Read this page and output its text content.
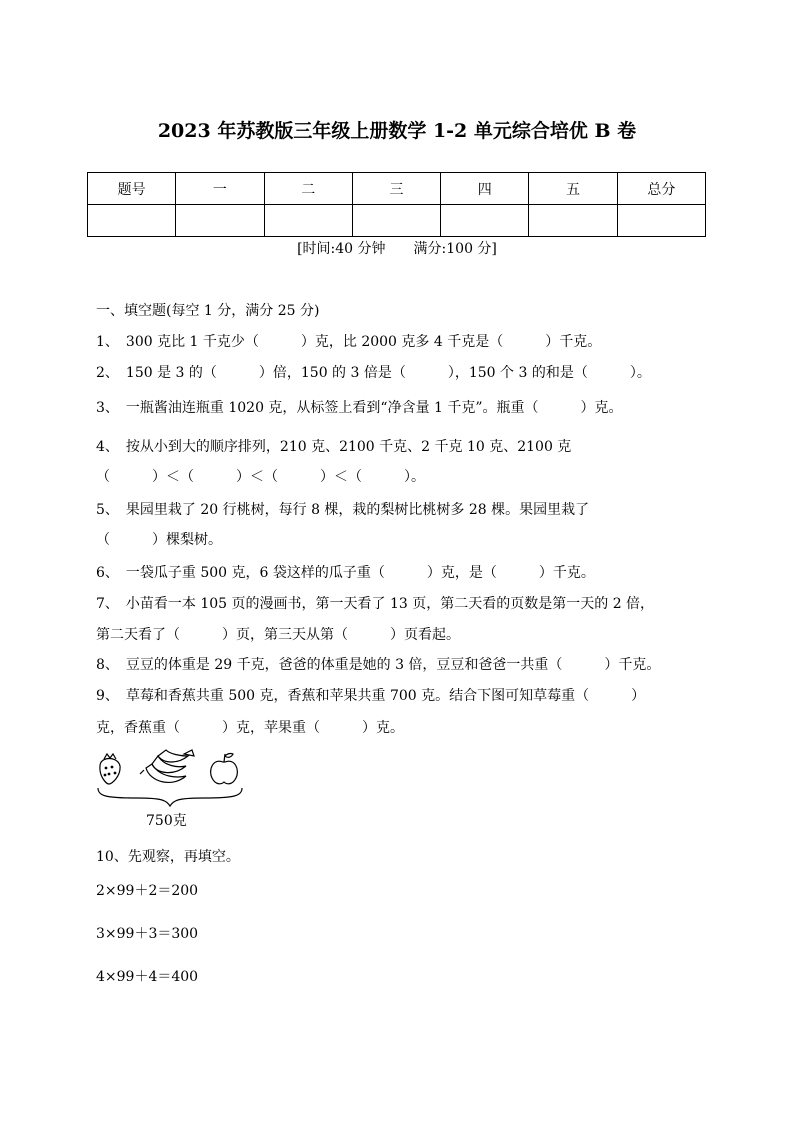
2023 年苏教版三年级上册数学 1-2 单元综合培优 B 卷
题号	一	二	三	四	五	总分

[时间:40 分钟　　满分:100 分]
一、填空题(每空 1 分，满分 25 分)
1、　300 克比 1 千克少（　　　）克，比 2000 克多 4 千克是（　　　）千克。
2、　150 是 3 的（　　　）倍，150 的 3 倍是（　　　），150 个 3 的和是（　　　）。
3、　一瓶酱油连瓶重 1020 克，从标签上看到“净含量 1 千克”。瓶重（　　　）克。
4、　按从小到大的顺序排列，210 克、2100 千克、2 千克 10 克、2100 克
（　　　）＜（　　　）＜（　　　）＜（　　　）。
5、　果园里栽了 20 行桃树，每行 8 棵，栽的梨树比桃树多 28 棵。果园里栽了
（　　　）棵梨树。
6、　一袋瓜子重 500 克，6 袋这样的瓜子重（　　　）克，是（　　　）千克。
7、　小苗看一本 105 页的漫画书，第一天看了 13 页，第二天看的页数是第一天的 2 倍，
第二天看了（　　　）页，第三天从第（　　　）页看起。
8、　豆豆的体重是 29 千克，爸爸的体重是她的 3 倍，豆豆和爸爸一共重（　　　）千克。
9、　草莓和香蕉共重 500 克，香蕉和苹果共重 700 克。结合下图可知草莓重（　　　）
克，香蕉重（　　　）克，苹果重（　　　）克。
750克
10、先观察，再填空。
2×99＋2＝200
3×99＋3＝300
4×99＋4＝400
